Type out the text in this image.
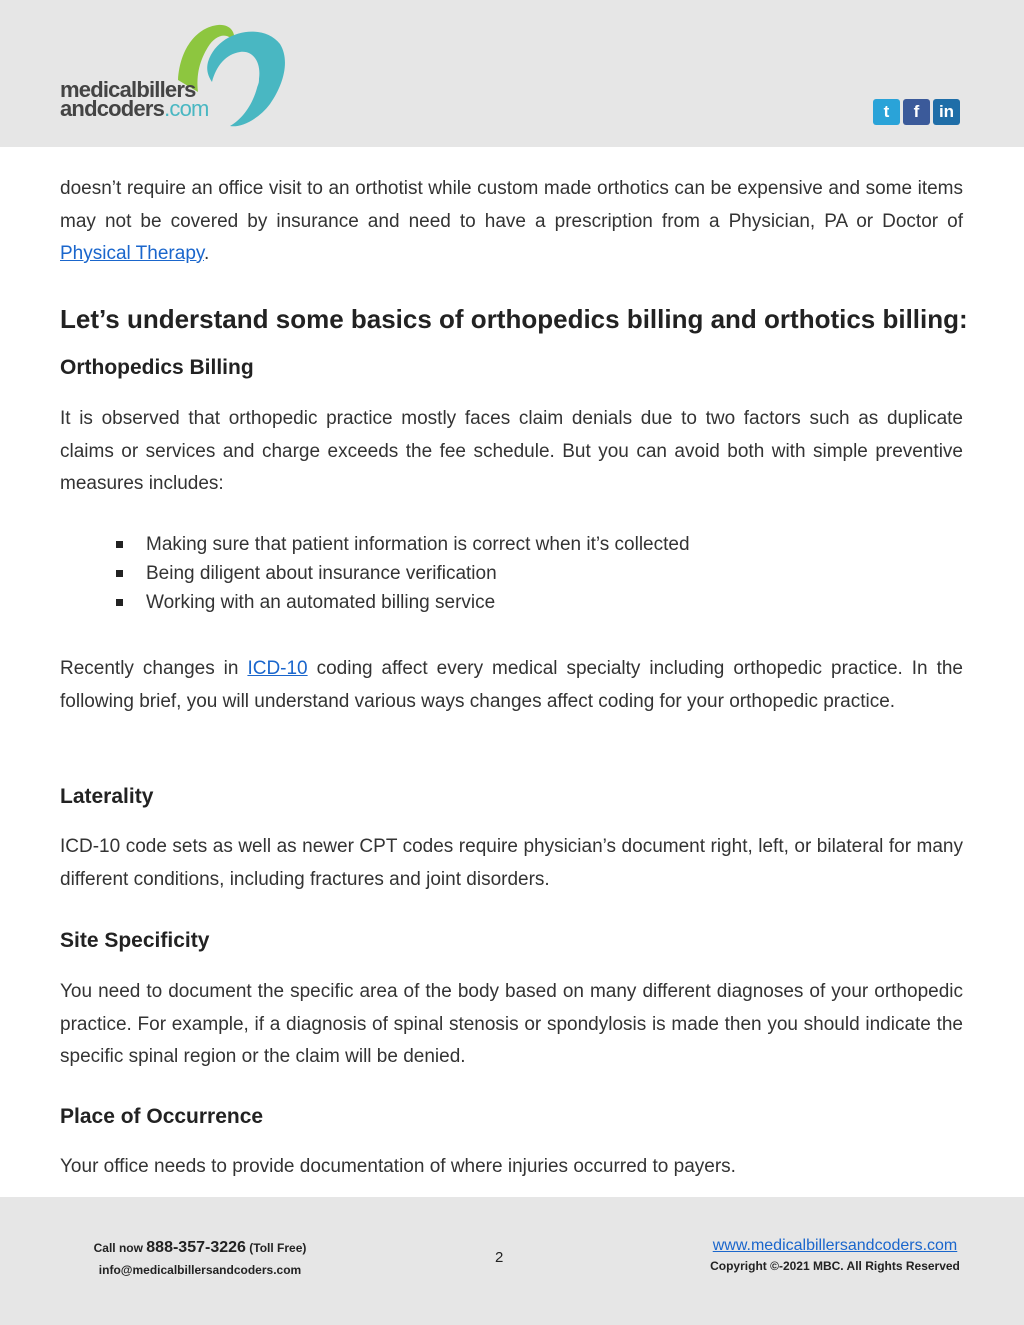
medicalbillers
andcoders.com	t	f	in

doesn’t require an office visit to an orthotist while custom made orthotics can be expensive and some items may not be covered by insurance and need to have a prescription from a Physician, PA or Doctor of Physical Therapy.

Let’s understand some basics of orthopedics billing and orthotics billing:
Orthopedics Billing

It is observed that orthopedic practice mostly faces claim denials due to two factors such as duplicate claims or services and charge exceeds the fee schedule. But you can avoid both with simple preventive measures includes:

Making sure that patient information is correct when it’s collected
Being diligent about insurance verification
Working with an automated billing service

Recently changes in ICD-10 coding affect every medical specialty including orthopedic practice. In the following brief, you will understand various ways changes affect coding for your orthopedic practice.

Laterality

ICD-10 code sets as well as newer CPT codes require physician’s document right, left, or bilateral for many different conditions, including fractures and joint disorders.

Site Specificity

You need to document the specific area of the body based on many different diagnoses of your orthopedic practice. For example, if a diagnosis of spinal stenosis or spondylosis is made then you should indicate the specific spinal region or the claim will be denied.

Place of Occurrence

Your office needs to provide documentation of where injuries occurred to payers.

Call now 888-357-3226 (Toll Free)
info@medicalbillersandcoders.com
2
www.medicalbillersandcoders.com
Copyright ©-2021 MBC. All Rights Reserved
